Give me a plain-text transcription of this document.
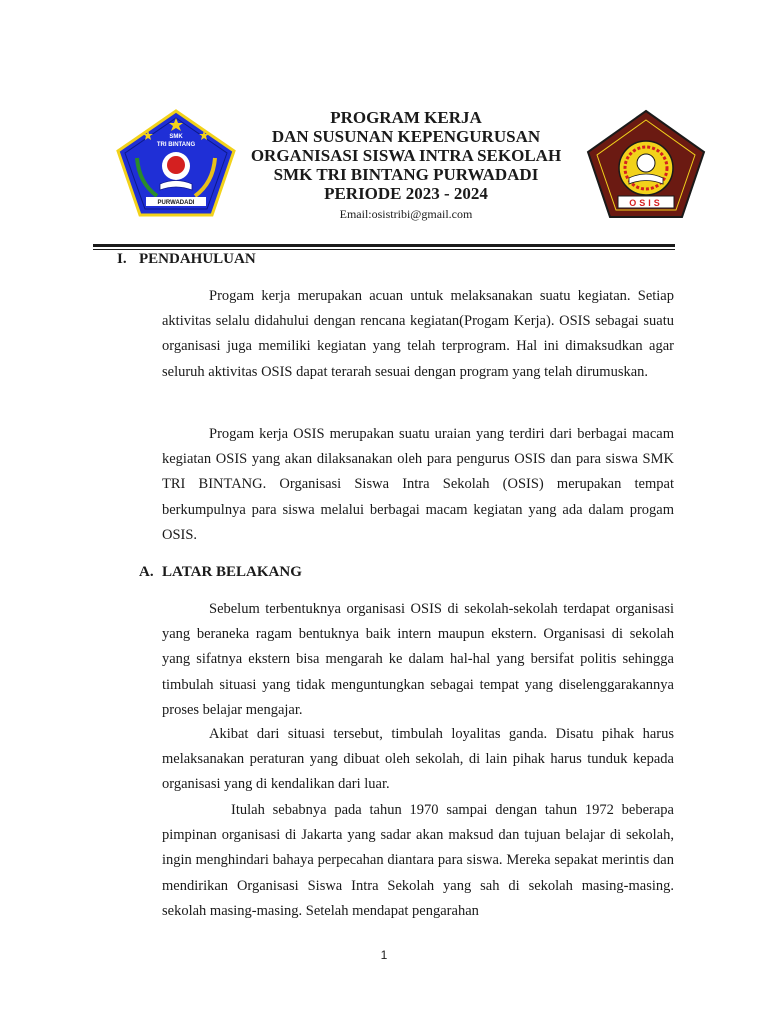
SMK
TRI BINTANG
PURWADADI
PROGRAM KERJA
DAN SUSUNAN KEPENGURUSAN
ORGANISASI SISWA INTRA SEKOLAH
SMK TRI BINTANG PURWADADI
PERIODE 2023 - 2024
Email:osistribi@gmail.com
OSIS
I. PENDAHULUAN

Progam kerja merupakan acuan untuk melaksanakan suatu kegiatan. Setiap aktivitas selalu didahului dengan rencana kegiatan(Progam Kerja). OSIS sebagai suatu organisasi juga memiliki kegiatan yang telah terprogram. Hal ini dimaksudkan agar seluruh aktivitas OSIS dapat terarah sesuai dengan program yang telah dirumuskan.

Progam kerja OSIS merupakan suatu uraian yang terdiri dari berbagai macam kegiatan OSIS yang akan dilaksanakan oleh para pengurus OSIS dan para siswa SMK TRI BINTANG. Organisasi Siswa Intra Sekolah (OSIS) merupakan tempat berkumpulnya para siswa melalui berbagai macam kegiatan yang ada dalam progam OSIS.

A. LATAR BELAKANG

Sebelum terbentuknya organisasi OSIS di sekolah-sekolah terdapat organisasi yang beraneka ragam bentuknya baik intern maupun ekstern. Organisasi di sekolah yang sifatnya ekstern bisa mengarah ke dalam hal-hal yang bersifat politis sehingga timbulah situasi yang tidak menguntungkan sebagai tempat yang diselenggarakannya proses belajar mengajar.

Akibat dari situasi tersebut, timbulah loyalitas ganda. Disatu pihak harus melaksanakan peraturan yang dibuat oleh sekolah, di lain pihak harus tunduk kepada organisasi yang di kendalikan dari luar.

Itulah sebabnya pada tahun 1970 sampai dengan tahun 1972 beberapa pimpinan organisasi di Jakarta yang sadar akan maksud dan tujuan belajar di sekolah, ingin menghindari bahaya perpecahan diantara para siswa. Mereka sepakat merintis dan mendirikan Organisasi Siswa Intra Sekolah yang sah di sekolah masing-masing. sekolah masing-masing. Setelah mendapat pengarahan

1
